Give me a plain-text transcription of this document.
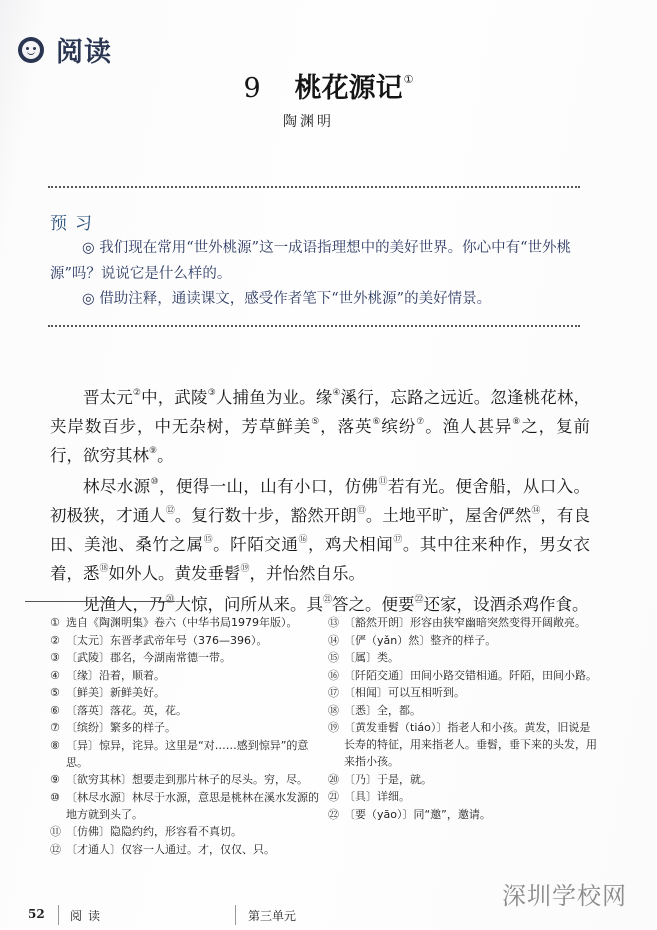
阅读
9 桃花源记①
陶渊明
预习
◎ 我们现在常用“世外桃源”这一成语指理想中的美好世界。你心中有“世外桃源”吗？说说它是什么样的。
◎ 借助注释，通读课文，感受作者笔下“世外桃源”的美好情景。

晋太元②中，武陵③人捕鱼为业。缘④溪行，忘路之远近。忽逢桃花林，夹岸数百步，中无杂树，芳草鲜美⑤，落英⑥缤纷⑦。渔人甚异⑧之，复前行，欲穷其林⑨。

林尽水源⑩，便得一山，山有小口，仿佛⑪若有光。便舍船，从口入。初极狭，才通人⑫。复行数十步，豁然开朗⑬。土地平旷，屋舍俨然⑭，有良田、美池、桑竹之属⑮。阡陌交通⑯，鸡犬相闻⑰。其中往来种作，男女衣着，悉⑱如外人。黄发垂髫⑲，并怡然自乐。

见渔人，乃⑳大惊，问所从来。具$^㉑$答之。便要$^㉒$还家，设酒杀鸡作食。

① 选自《陶渊明集》卷六（中华书局1979年版）。
② 〔太元〕东晋孝武帝年号（376—396）。
③ 〔武陵〕郡名，今湖南常德一带。
④ 〔缘〕沿着，顺着。
⑤ 〔鲜美〕新鲜美好。
⑥ 〔落英〕落花。英，花。
⑦ 〔缤纷〕繁多的样子。
⑧ 〔异〕惊异，诧异。这里是“对……感到惊异”的意思。
⑨ 〔欲穷其林〕想要走到那片林子的尽头。穷，尽。
⑩ 〔林尽水源〕林尽于水源，意思是桃林在溪水发源的地方就到头了。
⑪ 〔仿佛〕隐隐约约，形容看不真切。
⑫ 〔才通人〕仅容一人通过。才，仅仅、只。
⑬ 〔豁然开朗〕形容由狭窄幽暗突然变得开阔敞亮。
⑭ 〔俨（yǎn）然〕整齐的样子。
⑮ 〔属〕类。
⑯ 〔阡陌交通〕田间小路交错相通。阡陌，田间小路。
⑰ 〔相闻〕可以互相听到。
⑱ 〔悉〕全，都。
⑲ 〔黄发垂髫（tiáo）〕指老人和小孩。黄发，旧说是长寿的特征，用来指老人。垂髫，垂下来的头发，用来指小孩。
⑳ 〔乃〕于是，就。
㉑ 〔具〕详细。
㉒ 〔要（yāo）〕同“邀”，邀请。
52 阅读	第三单元
深圳学校网
